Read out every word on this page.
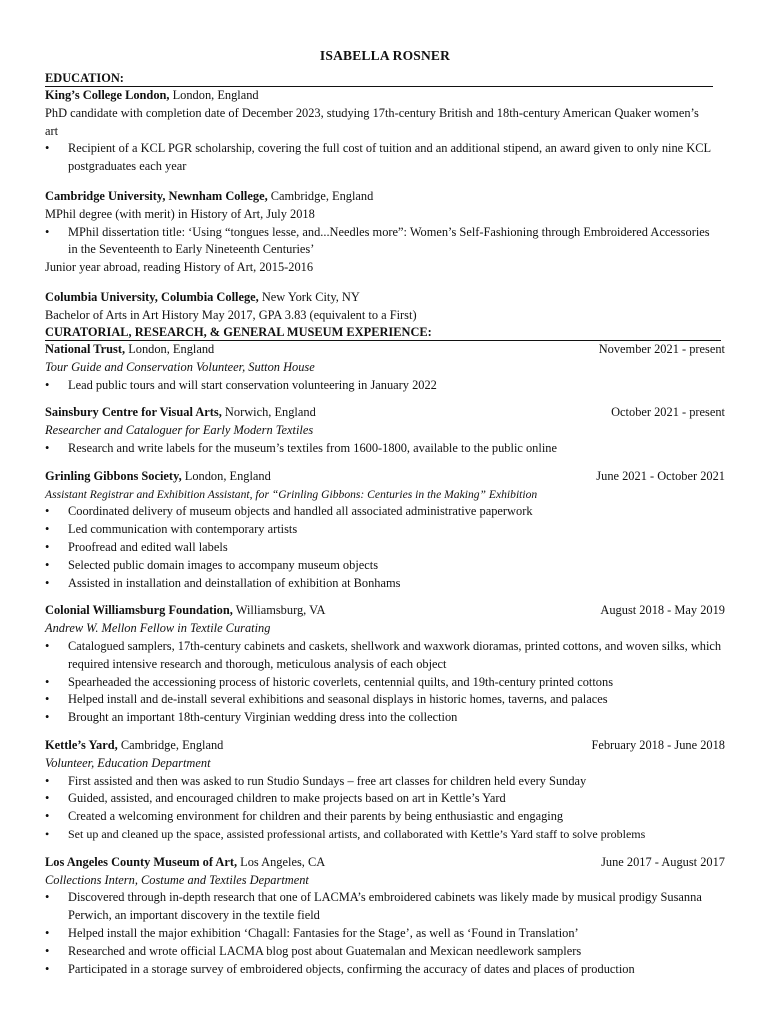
ISABELLA ROSNER
EDUCATION:
King’s College London, London, England
PhD candidate with completion date of December 2023, studying 17th-century British and 18th-century American Quaker women’s art
• Recipient of a KCL PGR scholarship, covering the full cost of tuition and an additional stipend, an award given to only nine KCL postgraduates each year
Cambridge University, Newnham College, Cambridge, England
MPhil degree (with merit) in History of Art, July 2018
• MPhil dissertation title: ‘Using “tongues lesse, and...Needles more”: Women’s Self-Fashioning through Embroidered Accessories in the Seventeenth to Early Nineteenth Centuries’
Junior year abroad, reading History of Art, 2015-2016
Columbia University, Columbia College, New York City, NY
Bachelor of Arts in Art History May 2017, GPA 3.83 (equivalent to a First)
CURATORIAL, RESEARCH, & GENERAL MUSEUM EXPERIENCE:
National Trust, London, England	November 2021 - present
Tour Guide and Conservation Volunteer, Sutton House
• Lead public tours and will start conservation volunteering in January 2022
Sainsbury Centre for Visual Arts, Norwich, England	October 2021 - present
Researcher and Cataloguer for Early Modern Textiles
• Research and write labels for the museum’s textiles from 1600-1800, available to the public online
Grinling Gibbons Society, London, England	June 2021 - October 2021
Assistant Registrar and Exhibition Assistant, for “Grinling Gibbons: Centuries in the Making” Exhibition
• Coordinated delivery of museum objects and handled all associated administrative paperwork
• Led communication with contemporary artists
• Proofread and edited wall labels
• Selected public domain images to accompany museum objects
• Assisted in installation and deinstallation of exhibition at Bonhams
Colonial Williamsburg Foundation, Williamsburg, VA	August 2018 - May 2019
Andrew W. Mellon Fellow in Textile Curating
• Catalogued samplers, 17th-century cabinets and caskets, shellwork and waxwork dioramas, printed cottons, and woven silks, which required intensive research and thorough, meticulous analysis of each object
• Spearheaded the accessioning process of historic coverlets, centennial quilts, and 19th-century printed cottons
• Helped install and de-install several exhibitions and seasonal displays in historic homes, taverns, and palaces
• Brought an important 18th-century Virginian wedding dress into the collection
Kettle’s Yard, Cambridge, England	February 2018 - June 2018
Volunteer, Education Department
• First assisted and then was asked to run Studio Sundays – free art classes for children held every Sunday
• Guided, assisted, and encouraged children to make projects based on art in Kettle’s Yard
• Created a welcoming environment for children and their parents by being enthusiastic and engaging
• Set up and cleaned up the space, assisted professional artists, and collaborated with Kettle’s Yard staff to solve problems
Los Angeles County Museum of Art, Los Angeles, CA	June 2017 - August 2017
Collections Intern, Costume and Textiles Department
• Discovered through in-depth research that one of LACMA’s embroidered cabinets was likely made by musical prodigy Susanna Perwich, an important discovery in the textile field
• Helped install the major exhibition ‘Chagall: Fantasies for the Stage’, as well as ‘Found in Translation’
• Researched and wrote official LACMA blog post about Guatemalan and Mexican needlework samplers
• Participated in a storage survey of embroidered objects, confirming the accuracy of dates and places of production
